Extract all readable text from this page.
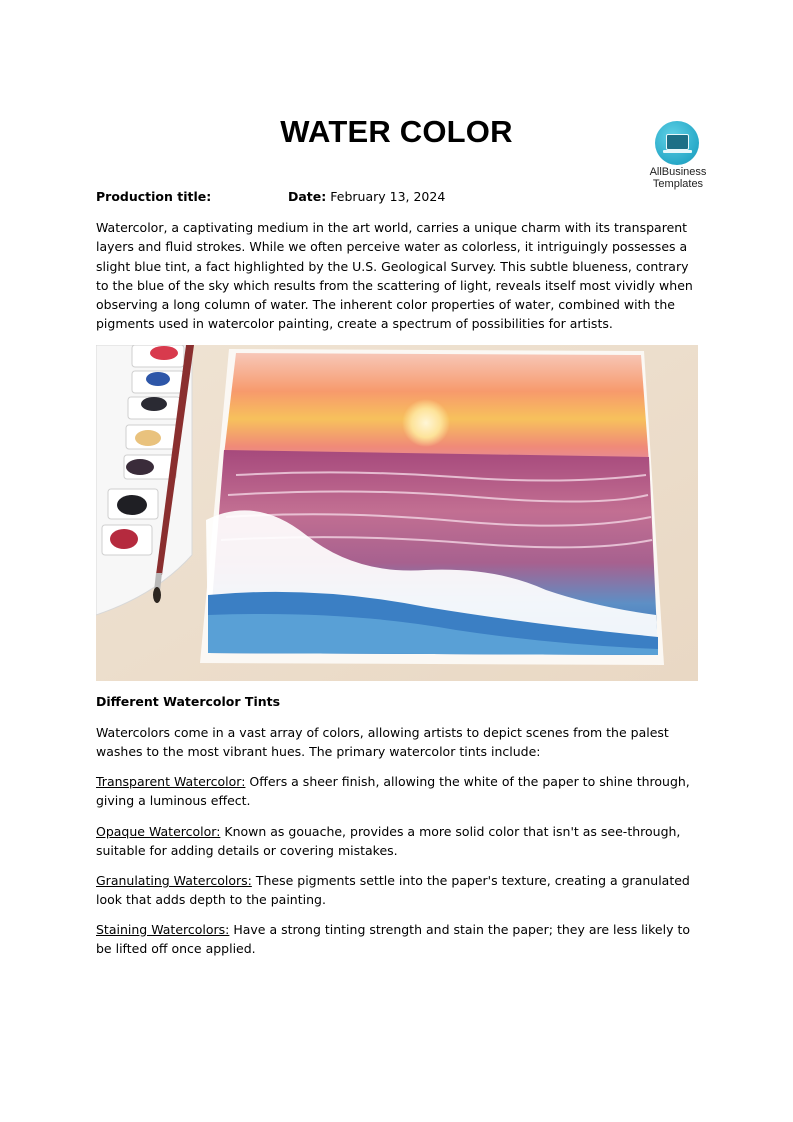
WATER COLOR
AllBusiness
Templates
Production title:	Date: February 13, 2024

Watercolor, a captivating medium in the art world, carries a unique charm with its transparent layers and fluid strokes. While we often perceive water as colorless, it intriguingly possesses a slight blue tint, a fact highlighted by the U.S. Geological Survey. This subtle blueness, contrary to the blue of the sky which results from the scattering of light, reveals itself most vividly when observing a long column of water. The inherent color properties of water, combined with the pigments used in watercolor painting, create a spectrum of possibilities for artists.

Different Watercolor Tints

Watercolors come in a vast array of colors, allowing artists to depict scenes from the palest washes to the most vibrant hues. The primary watercolor tints include:

Transparent Watercolor: Offers a sheer finish, allowing the white of the paper to shine through, giving a luminous effect.

Opaque Watercolor: Known as gouache, provides a more solid color that isn't as see-through, suitable for adding details or covering mistakes.

Granulating Watercolors: These pigments settle into the paper's texture, creating a granulated look that adds depth to the painting.

Staining Watercolors: Have a strong tinting strength and stain the paper; they are less likely to be lifted off once applied.
